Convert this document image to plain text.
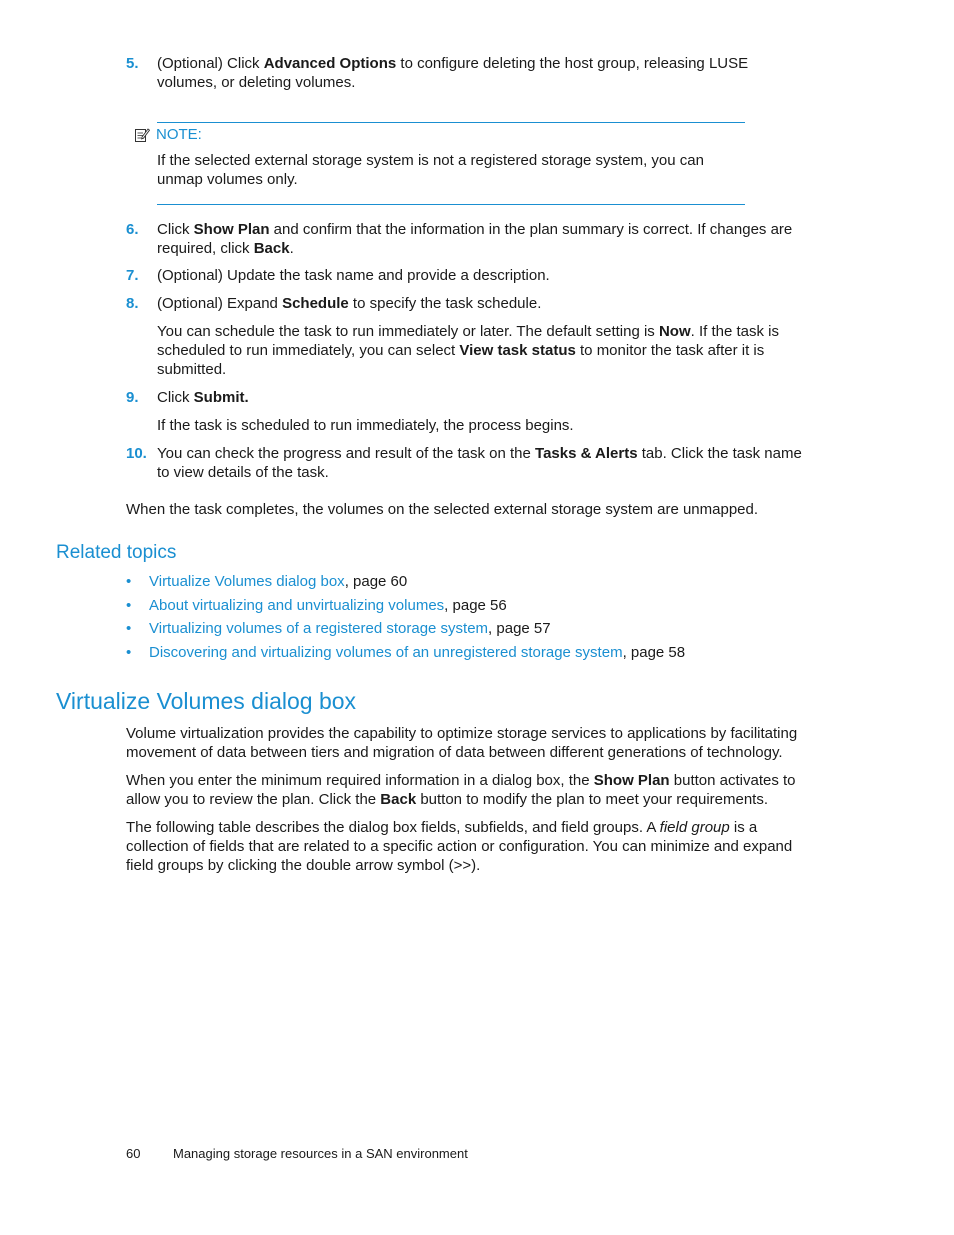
5. (Optional) Click Advanced Options to configure deleting the host group, releasing LUSE volumes, or deleting volumes.
NOTE:
If the selected external storage system is not a registered storage system, you can unmap volumes only.
6. Click Show Plan and confirm that the information in the plan summary is correct. If changes are required, click Back.
7. (Optional) Update the task name and provide a description.
8. (Optional) Expand Schedule to specify the task schedule.
You can schedule the task to run immediately or later. The default setting is Now. If the task is scheduled to run immediately, you can select View task status to monitor the task after it is submitted.
9. Click Submit.
If the task is scheduled to run immediately, the process begins.
10. You can check the progress and result of the task on the Tasks & Alerts tab. Click the task name to view details of the task.
When the task completes, the volumes on the selected external storage system are unmapped.
Related topics
• Virtualize Volumes dialog box, page 60
• About virtualizing and unvirtualizing volumes, page 56
• Virtualizing volumes of a registered storage system, page 57
• Discovering and virtualizing volumes of an unregistered storage system, page 58
Virtualize Volumes dialog box
Volume virtualization provides the capability to optimize storage services to applications by facilitating movement of data between tiers and migration of data between different generations of technology.
When you enter the minimum required information in a dialog box, the Show Plan button activates to allow you to review the plan. Click the Back button to modify the plan to meet your requirements.
The following table describes the dialog box fields, subfields, and field groups. A field group is a collection of fields that are related to a specific action or configuration. You can minimize and expand field groups by clicking the double arrow symbol (>>).
60	Managing storage resources in a SAN environment
